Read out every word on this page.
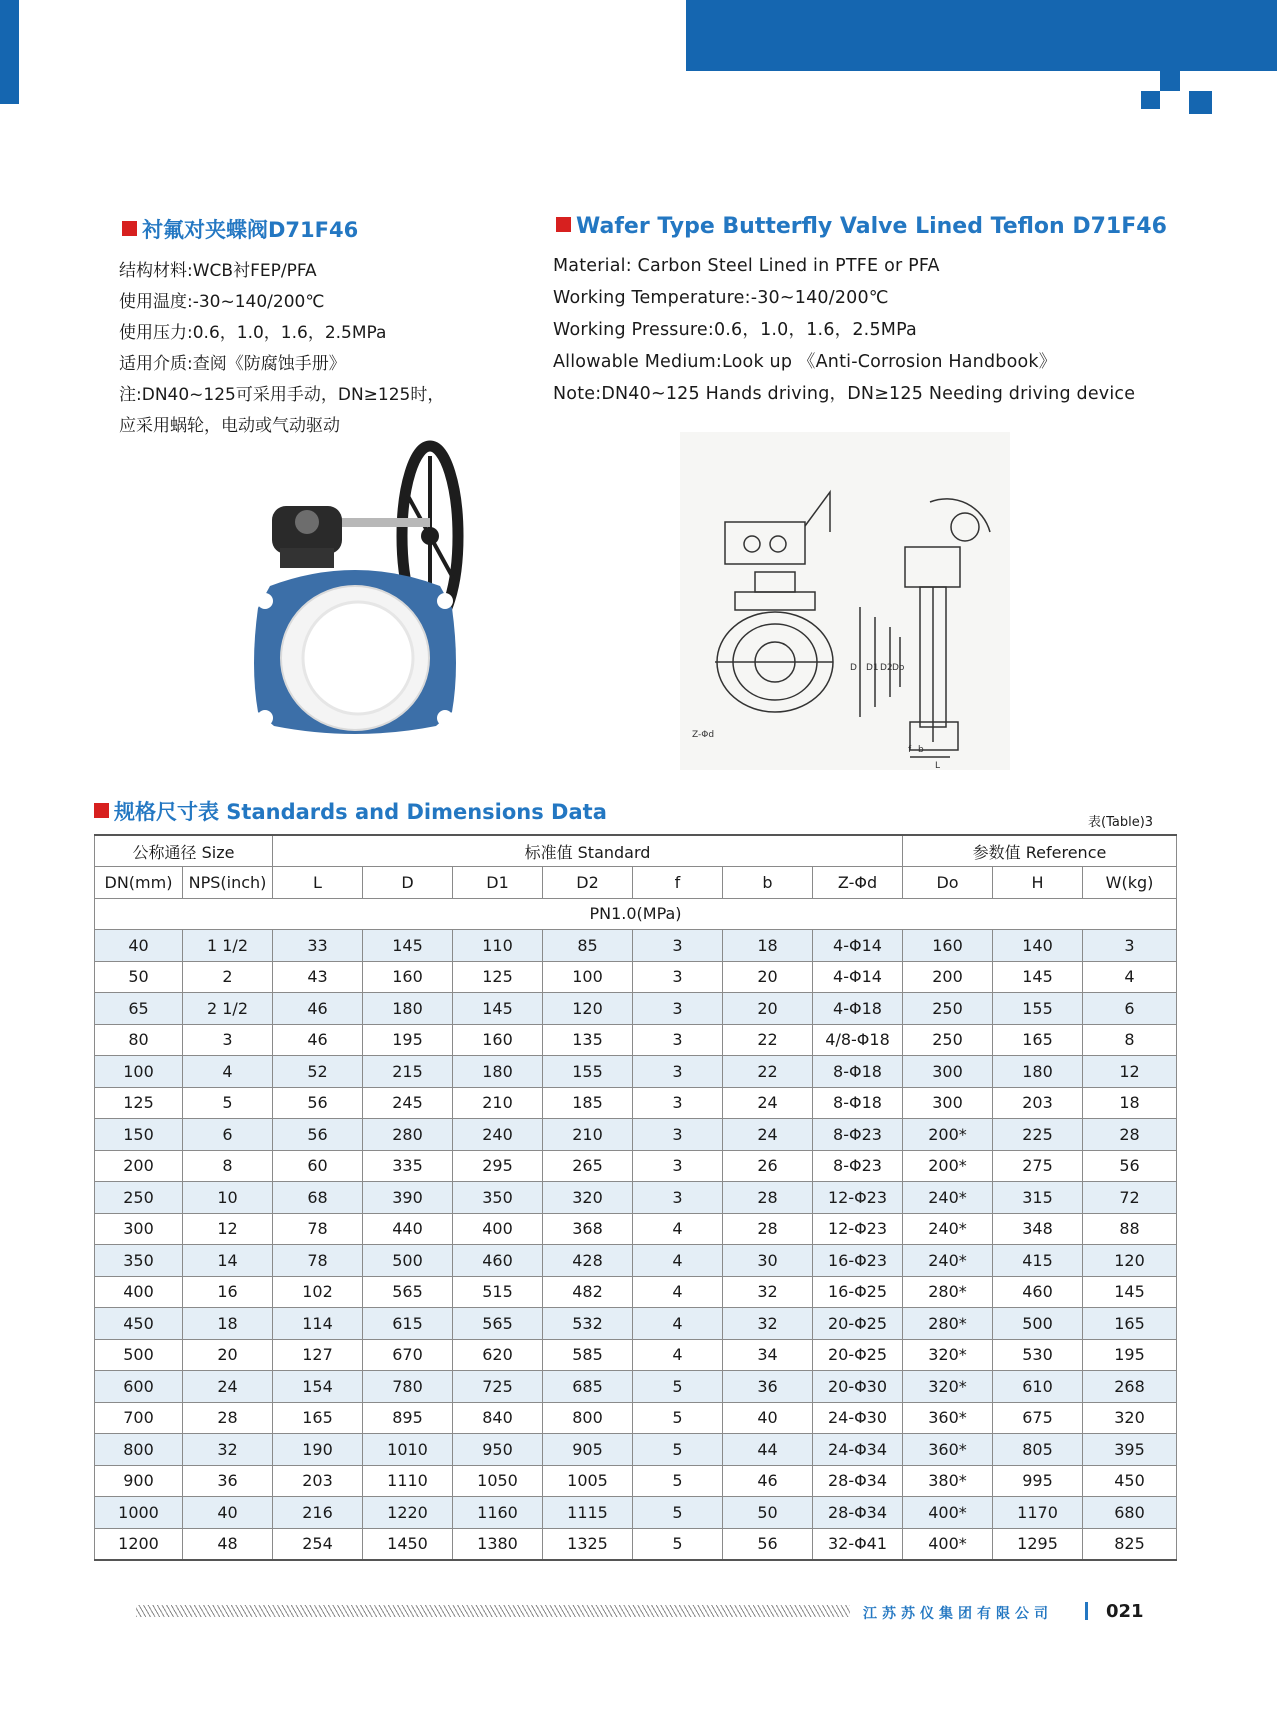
衬氟对夹蝶阀D71F46	Wafer Type Butterfly Valve Lined Teflon D71F46
结构材料:WCB衬FEP/PFA
使用温度:-30~140/200℃
使用压力:0.6，1.0，1.6，2.5MPa
适用介质:查阅《防腐蚀手册》
注:DN40~125可采用手动，DN≥125时，
应采用蜗轮，电动或气动驱动
Material: Carbon Steel Lined in PTFE or PFA
Working Temperature:-30~140/200℃
Working Pressure:0.6，1.0，1.6，2.5MPa
Allowable Medium:Look up 《Anti-Corrosion Handbook》
Note:DN40~125 Hands driving，DN≥125 Needing driving device
Z-Φd
D D1 D2 Do
f b
L
规格尺寸表 Standards and Dimensions Data	表(Table)3
公称通径 Size		标准值 Standard							参数值 Reference		
DN(mm)	NPS(inch)	L	D	D1	D2	f	b	Z-Φd	Do	H	W(kg)
PN1.0(MPa)											
40	1 1/2	33	145	110	85	3	18	4-Φ14	160	140	3
50	2	43	160	125	100	3	20	4-Φ14	200	145	4
65	2 1/2	46	180	145	120	3	20	4-Φ18	250	155	6
80	3	46	195	160	135	3	22	4/8-Φ18	250	165	8
100	4	52	215	180	155	3	22	8-Φ18	300	180	12
125	5	56	245	210	185	3	24	8-Φ18	300	203	18
150	6	56	280	240	210	3	24	8-Φ23	200*	225	28
200	8	60	335	295	265	3	26	8-Φ23	200*	275	56
250	10	68	390	350	320	3	28	12-Φ23	240*	315	72
300	12	78	440	400	368	4	28	12-Φ23	240*	348	88
350	14	78	500	460	428	4	30	16-Φ23	240*	415	120
400	16	102	565	515	482	4	32	16-Φ25	280*	460	145
450	18	114	615	565	532	4	32	20-Φ25	280*	500	165
500	20	127	670	620	585	4	34	20-Φ25	320*	530	195
600	24	154	780	725	685	5	36	20-Φ30	320*	610	268
700	28	165	895	840	800	5	40	24-Φ30	360*	675	320
800	32	190	1010	950	905	5	44	24-Φ34	360*	805	395
900	36	203	1110	1050	1005	5	46	28-Φ34	380*	995	450
1000	40	216	1220	1160	1115	5	50	28-Φ34	400*	1170	680
1200	48	254	1450	1380	1325	5	56	32-Φ41	400*	1295	825
江苏苏仪集团有限公司	021
